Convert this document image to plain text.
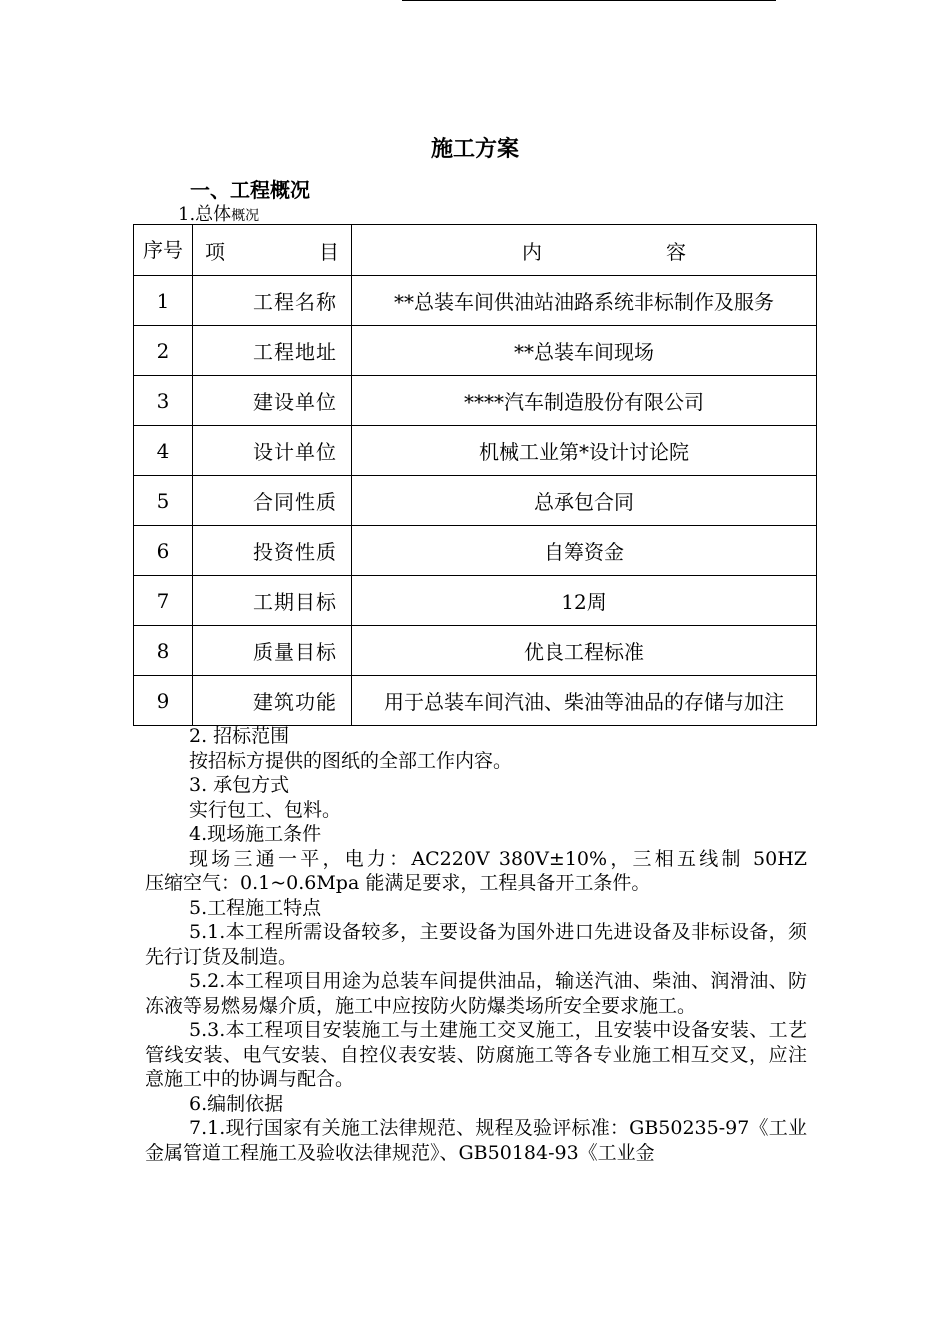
施工方案
一、工程概况
1.总体概况
序号	项 目	内 容

1	工程名称	**总装车间供油站油路系统非标制作及服务
2	工程地址	**总装车间现场
3	建设单位	****汽车制造股份有限公司
4	设计单位	机械工业第*设计讨论院
5	合同性质	总承包合同
6	投资性质	自筹资金
7	工期目标	12周
8	质量目标	优良工程标准
9	建筑功能	用于总装车间汽油、柴油等油品的存储与加注

2. 招标范围

按招标方提供的图纸的全部工作内容。

3. 承包方式

实行包工、包料。

4.现场施工条件

现场三通一平，电力：AC220V 380V±10%，三相五线制 50HZ

压缩空气：0.1~0.6Mpa 能满足要求，工程具备开工条件。

5.工程施工特点

5.1.本工程所需设备较多，主要设备为国外进口先进设备及非标设备，须先行订货及制造。

5.2.本工程项目用途为总装车间提供油品，输送汽油、柴油、润滑油、防冻液等易燃易爆介质，施工中应按防火防爆类场所安全要求施工。

5.3.本工程项目安装施工与土建施工交叉施工，且安装中设备安装、工艺管线安装、电气安装、自控仪表安装、防腐施工等各专业施工相互交叉，应注意施工中的协调与配合。

6.编制依据

7.1.现行国家有关施工法律规范、规程及验评标准：GB50235-97《工业金属管道工程施工及验收法律规范》、GB50184-93《工业金
